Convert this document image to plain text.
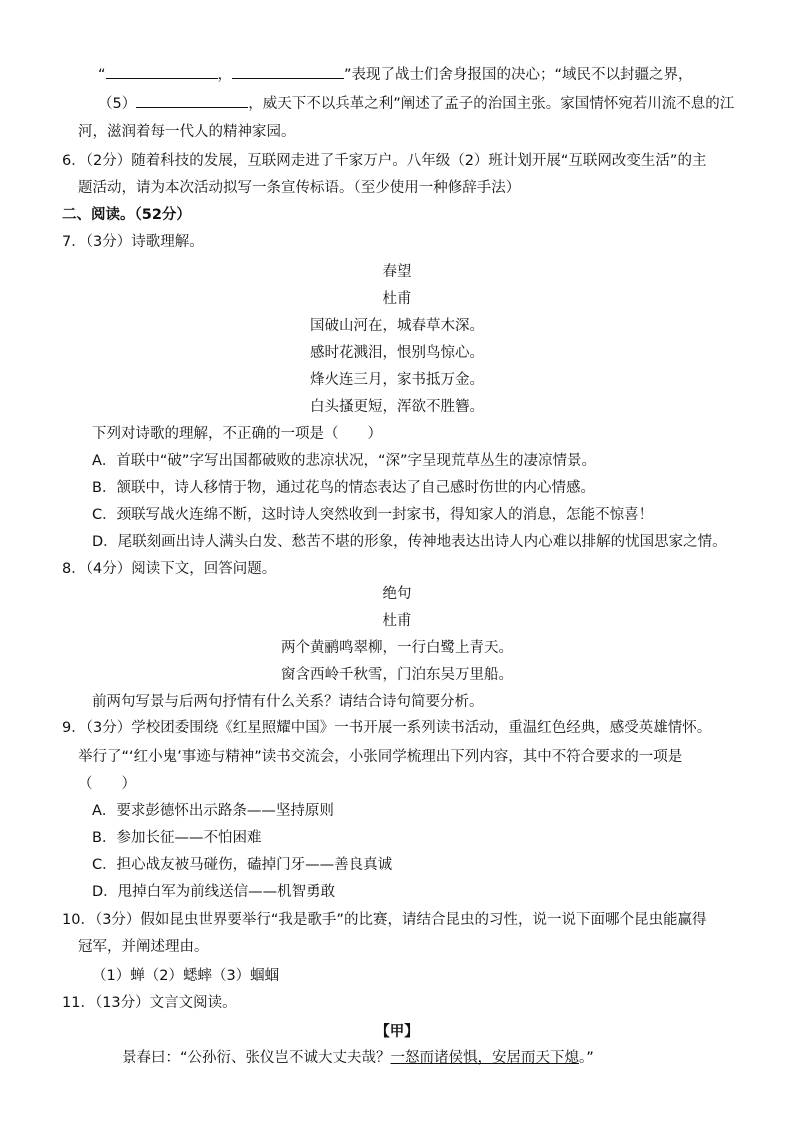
“	，	”表现了战士们舍身报国的决心；“域民不以封疆之界，
（5）	，威天下不以兵革之利”阐述了孟子的治国主张。家国情怀宛若川流不息的江
河，滋润着每一代人的精神家园。
6．（2分）随着科技的发展，互联网走进了千家万户。八年级（2）班计划开展“互联网改变生活”的主
题活动，请为本次活动拟写一条宣传标语。（至少使用一种修辞手法）
二、阅读。（52分）
7．（3分）诗歌理解。
春望
杜甫
国破山河在，城春草木深。
感时花溅泪，恨别鸟惊心。
烽火连三月，家书抵万金。
白头搔更短，浑欲不胜簪。
下列对诗歌的理解，不正确的一项是（　　）
A．首联中“破”字写出国都破败的悲凉状况，“深”字呈现荒草丛生的凄凉情景。
B．颔联中，诗人移情于物，通过花鸟的情态表达了自己感时伤世的内心情感。
C．颈联写战火连绵不断，这时诗人突然收到一封家书，得知家人的消息，怎能不惊喜！
D．尾联刻画出诗人满头白发、愁苦不堪的形象，传神地表达出诗人内心难以排解的忧国思家之情。
8．（4分）阅读下文，回答问题。
绝句
杜甫
两个黄鹂鸣翠柳，一行白鹭上青天。
窗含西岭千秋雪，门泊东吴万里船。
前两句写景与后两句抒情有什么关系？请结合诗句简要分析。
9．（3分）学校团委围绕《红星照耀中国》一书开展一系列读书活动，重温红色经典，感受英雄情怀。
举行了“‘红小鬼’事迹与精神”读书交流会，小张同学梳理出下列内容，其中不符合要求的一项是
（　　）
A．要求彭德怀出示路条——坚持原则
B．参加长征——不怕困难
C．担心战友被马碰伤，磕掉门牙——善良真诚
D．甩掉白军为前线送信——机智勇敢
10．（3分）假如昆虫世界要举行“我是歌手”的比赛，请结合昆虫的习性，说一说下面哪个昆虫能赢得
冠军，并阐述理由。
（1）蝉（2）蟋蟀（3）蝈蝈
11．（13分）文言文阅读。
【甲】
景春曰：“公孙衍、张仪岂不诚大丈夫哉？一怒而诸侯惧，安居而天下熄。”
